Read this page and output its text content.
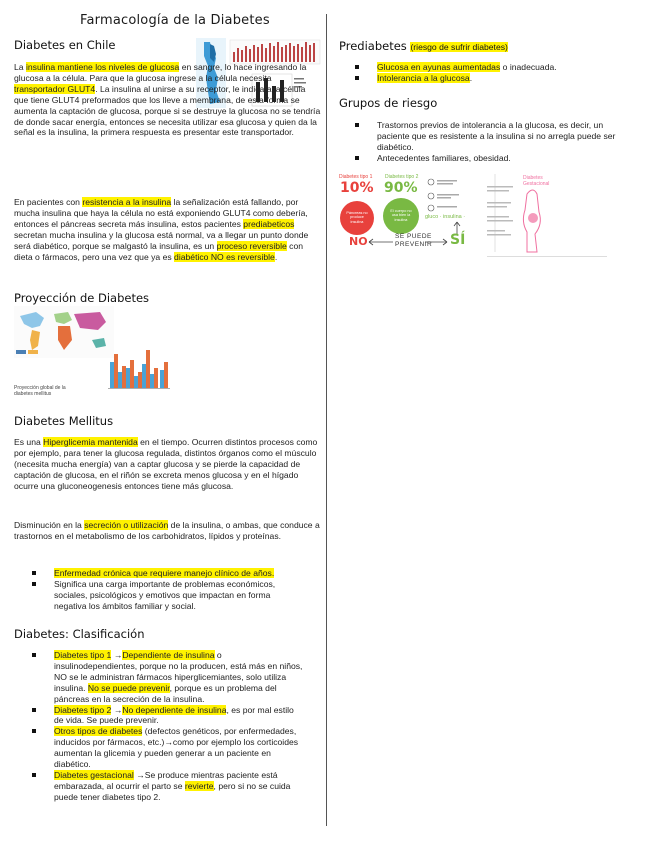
Farmacología de la Diabetes
Diabetes en Chile
La insulina mantiene los niveles de glucosa en sangre, lo hace ingresando la glucosa a la célula. Para que la glucosa ingrese a la célula necesita transportador GLUT4. La insulina al unirse a su receptor, le indica a la célula que tiene GLUT4 preformados que los lleve a membrana, de esta forma se aumenta la captación de glucosa, porque si se destruye la glucosa no se tendría de donde sacar energía, entonces se necesita utilizar esa glucosa y quien da la señal es la insulina, la primera respuesta es presentar este transportador.
En pacientes con resistencia a la insulina la señalización está fallando, por mucha insulina que haya la célula no está exponiendo GLUT4 como debería, entonces el páncreas secreta más insulina, estos pacientes prediabeticos secretan mucha insulina y la glucosa está normal, va a llegar un punto donde será diabético, porque se malgastó la insulina, es un proceso reversible con dieta o fármacos, pero una vez que ya es diabético NO es reversible.
Proyección de Diabetes
Proyección global de la diabetes mellitus
Diabetes Mellitus
Es una Hiperglicemia mantenida en el tiempo. Ocurren distintos procesos como por ejemplo, para tener la glucosa regulada, distintos órganos como el músculo (necesita mucha energía) van a captar glucosa y se pierde la capacidad de captación de glucosa, en el riñón se excreta menos glucosa y en el hígado ocurre una gluconeogenesis entonces tiene más glucosa.
Disminución en la secreción o utilización de la insulina, o ambas, que conduce a trastornos en el metabolismo de los carbohidratos, lípidos y proteínas.
Enfermedad crónica que requiere manejo clínico de años.
Significa una carga importante de problemas económicos, sociales, psicológicos y emotivos que impactan en forma negativa los ámbitos familiar y social.
Diabetes: Clasificación
Diabetes tipo 1 →Dependiente de insulina o insulinodependientes, porque no la producen, está más en niños, NO se le administran fármacos hiperglicemiantes, solo utiliza insulina. No se puede prevenir, porque es un problema del páncreas en la secreción de la insulina.
Diabetes tipo 2 →No dependiente de insulina, es por mal estilo de vida. Se puede prevenir.
Otros tipos de diabetes (defectos genéticos, por enfermedades, inducidos por fármacos, etc.)→como por ejemplo los corticoides aumentan la glicemia y pueden generar a un paciente en diabético.
Diabetes gestacional →Se produce mientras paciente está embarazada, al ocurrir el parto se revierte, pero si no se cuida puede tener diabetes tipo 2.
Prediabetes (riesgo de sufrir diabetes)
Glucosa en ayunas aumentadas o inadecuada.
Intolerancia a la glucosa.
Grupos de riesgo
Trastornos previos de intolerancia a la glucosa, es decir, un paciente que es resistente a la insulina si no arregla puede ser diabético.
Antecedentes familiares, obesidad.
gluco · insulina ·
Diabetes tipo 1
10%
Páncreas no produce insulina
Diabetes tipo 2
90%
El cuerpo no usa bien la insulina
Diabetes Gestacional
NO	SE PUEDE
PREVENIR SÍ
